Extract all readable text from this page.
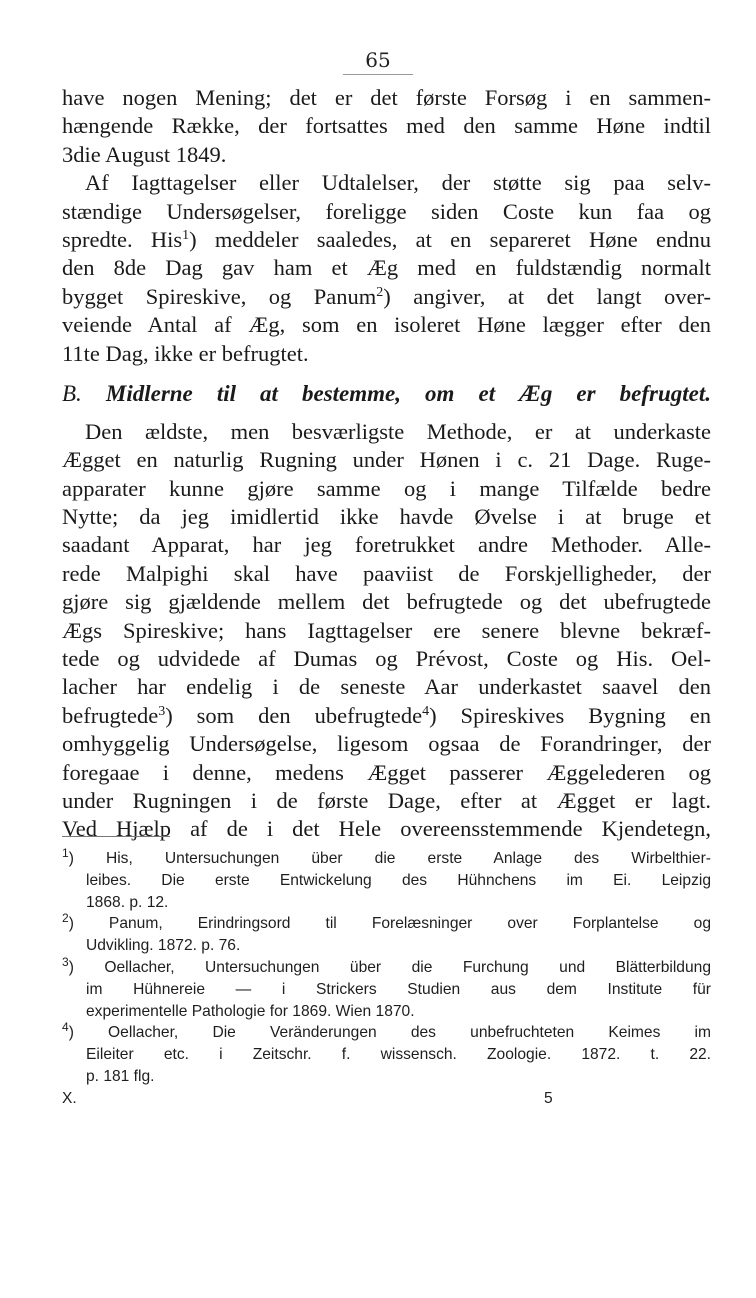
65
have nogen Mening; det er det første Forsøg i en sammen-
hængende Række, der fortsattes med den samme Høne indtil
3die August 1849.
Af Iagttagelser eller Udtalelser, der støtte sig paa selv-
stændige Undersøgelser, foreligge siden Coste kun faa og
spredte. His$^1$) meddeler saaledes, at en separeret Høne endnu
den 8de Dag gav ham et Æg med en fuldstændig normalt
bygget Spireskive, og Panum$^2$) angiver, at det langt over-
veiende Antal af Æg, som en isoleret Høne lægger efter den
11te Dag, ikke er befrugtet.
B. Midlerne til at bestemme, om et Æg er befrugtet.
Den ældste, men besværligste Methode, er at underkaste
Ægget en naturlig Rugning under Hønen i c. 21 Dage. Ruge-
apparater kunne gjøre samme og i mange Tilfælde bedre
Nytte; da jeg imidlertid ikke havde Øvelse i at bruge et
saadant Apparat, har jeg foretrukket andre Methoder. Alle-
rede Malpighi skal have paaviist de Forskjelligheder, der
gjøre sig gjældende mellem det befrugtede og det ubefrugtede
Ægs Spireskive; hans Iagttagelser ere senere blevne bekræf-
tede og udvidede af Dumas og Prévost, Coste og His. Oel-
lacher har endelig i de seneste Aar underkastet saavel den
befrugtede$^3$) som den ubefrugtede$^4$) Spireskives Bygning en
omhyggelig Undersøgelse, ligesom ogsaa de Forandringer, der
foregaae i denne, medens Ægget passerer Æggelederen og
under Rugningen i de første Dage, efter at Ægget er lagt.
Ved Hjælp af de i det Hele overeensstemmende Kjendetegn,
$^1$) His, Untersuchungen über die erste Anlage des Wirbelthier-
leibes. Die erste Entwickelung des Hühnchens im Ei. Leipzig
1868. p. 12.
$^2$) Panum, Erindringsord til Forelæsninger over Forplantelse og
Udvikling. 1872. p. 76.
$^3$) Oellacher, Untersuchungen über die Furchung und Blätterbildung
im Hühnereie — i Strickers Studien aus dem Institute für
experimentelle Pathologie for 1869. Wien 1870.
$^4$) Oellacher, Die Veränderungen des unbefruchteten Keimes im
Eileiter etc. i Zeitschr. f. wissensch. Zoologie. 1872. t. 22.
p. 181 flg.
X.	5
